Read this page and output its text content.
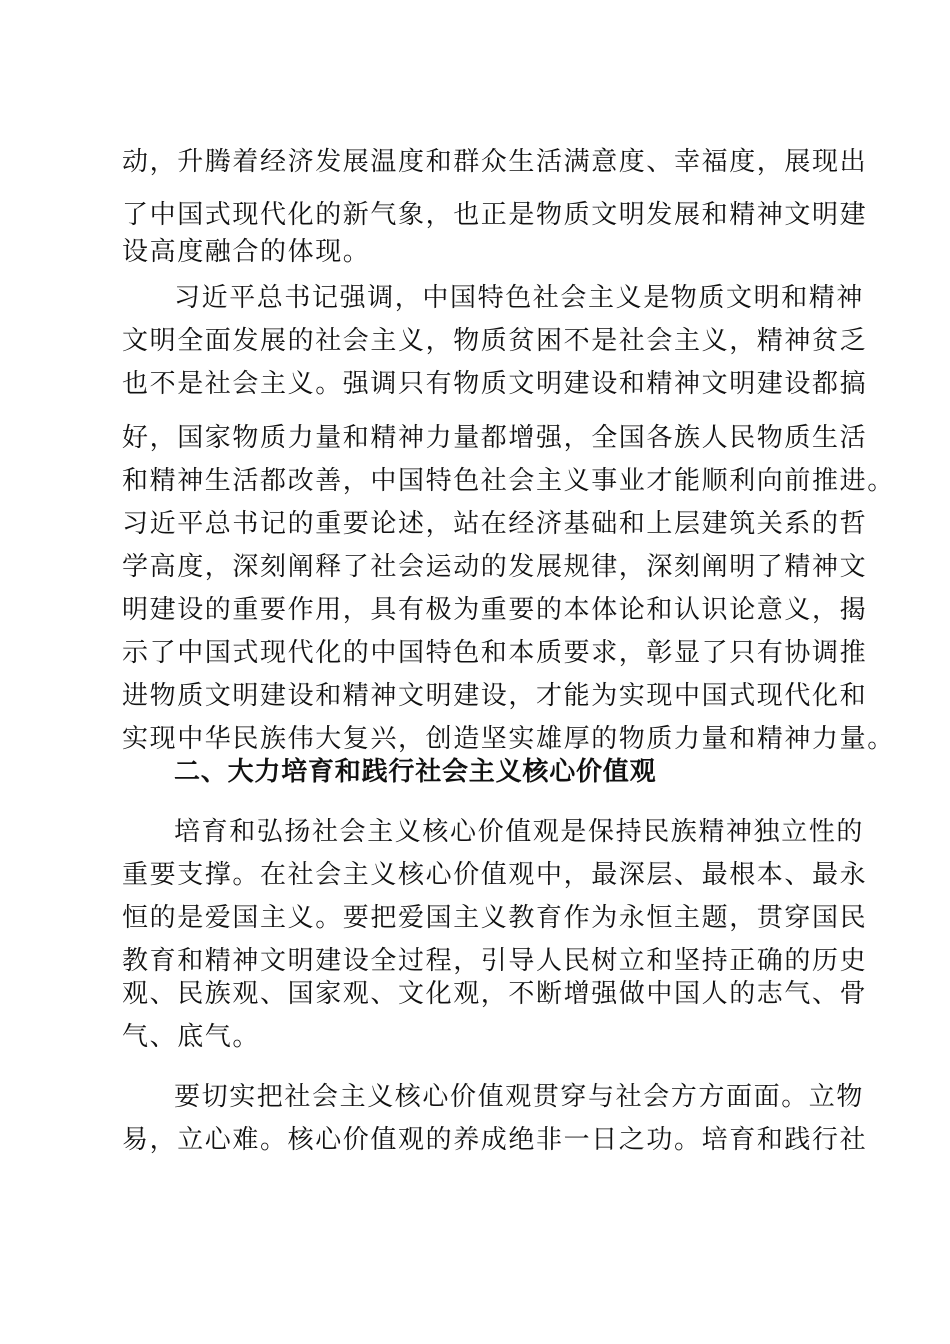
动，升腾着经济发展温度和群众生活满意度、幸福度，展现出
了中国式现代化的新气象，也正是物质文明发展和精神文明建
设高度融合的体现。
习近平总书记强调，中国特色社会主义是物质文明和精神
文明全面发展的社会主义，物质贫困不是社会主义，精神贫乏
也不是社会主义。强调只有物质文明建设和精神文明建设都搞
好，国家物质力量和精神力量都增强，全国各族人民物质生活
和精神生活都改善，中国特色社会主义事业才能顺利向前推进。
习近平总书记的重要论述，站在经济基础和上层建筑关系的哲
学高度，深刻阐释了社会运动的发展规律，深刻阐明了精神文
明建设的重要作用，具有极为重要的本体论和认识论意义，揭
示了中国式现代化的中国特色和本质要求，彰显了只有协调推
进物质文明建设和精神文明建设，才能为实现中国式现代化和
实现中华民族伟大复兴，创造坚实雄厚的物质力量和精神力量。
二、大力培育和践行社会主义核心价值观
培育和弘扬社会主义核心价值观是保持民族精神独立性的
重要支撑。在社会主义核心价值观中，最深层、最根本、最永
恒的是爱国主义。要把爱国主义教育作为永恒主题，贯穿国民
教育和精神文明建设全过程，引导人民树立和坚持正确的历史
观、民族观、国家观、文化观，不断增强做中国人的志气、骨
气、底气。
要切实把社会主义核心价值观贯穿与社会方方面面。立物
易，立心难。核心价值观的养成绝非一日之功。培育和践行社
